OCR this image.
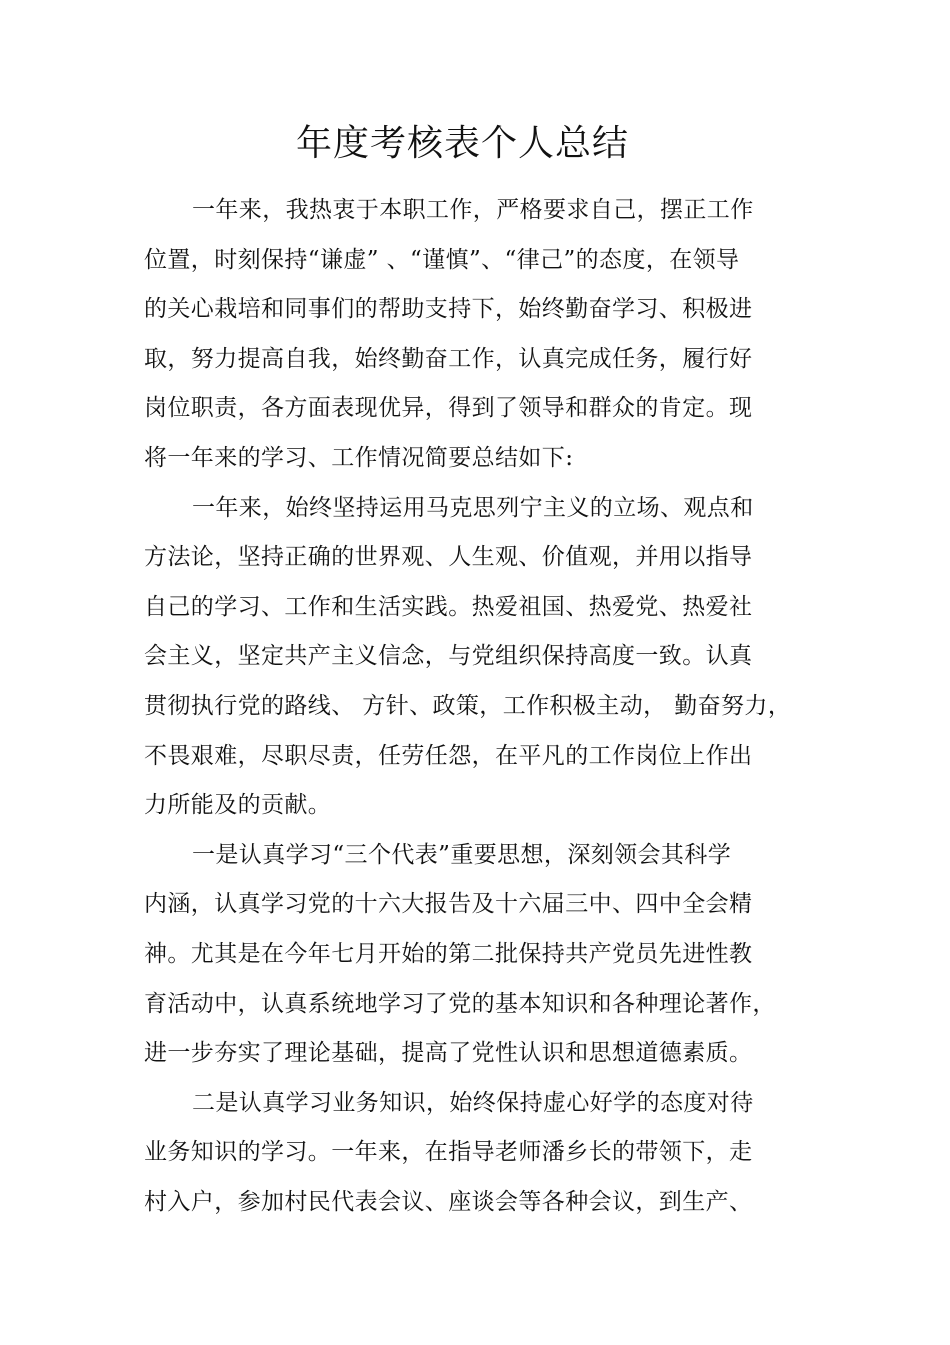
年度考核表个人总结
一年来，我热衷于本职工作，严格要求自己，摆正工作
位置，时刻保持“谦虚” 、“谨慎”、“律己”的态度，在领导
的关心栽培和同事们的帮助支持下，始终勤奋学习、积极进
取，努力提高自我，始终勤奋工作，认真完成任务，履行好
岗位职责，各方面表现优异，得到了领导和群众的肯定。现
将一年来的学习、工作情况简要总结如下:
一年来，始终坚持运用马克思列宁主义的立场、观点和
方法论，坚持正确的世界观、人生观、价值观，并用以指导
自己的学习、工作和生活实践。热爱祖国、热爱党、热爱社
会主义，坚定共产主义信念，与党组织保持高度一致。认真
贯彻执行党的路线、 方针、政策，工作积极主动， 勤奋努力，
不畏艰难，尽职尽责，任劳任怨，在平凡的工作岗位上作出
力所能及的贡献。
一是认真学习“三个代表”重要思想，深刻领会其科学
内涵，认真学习党的十六大报告及十六届三中、四中全会精
神。尤其是在今年七月开始的第二批保持共产党员先进性教
育活动中，认真系统地学习了党的基本知识和各种理论著作，
进一步夯实了理论基础，提高了党性认识和思想道德素质。
二是认真学习业务知识，始终保持虚心好学的态度对待
业务知识的学习。一年来，在指导老师潘乡长的带领下，走
村入户，参加村民代表会议、座谈会等各种会议，到生产、
